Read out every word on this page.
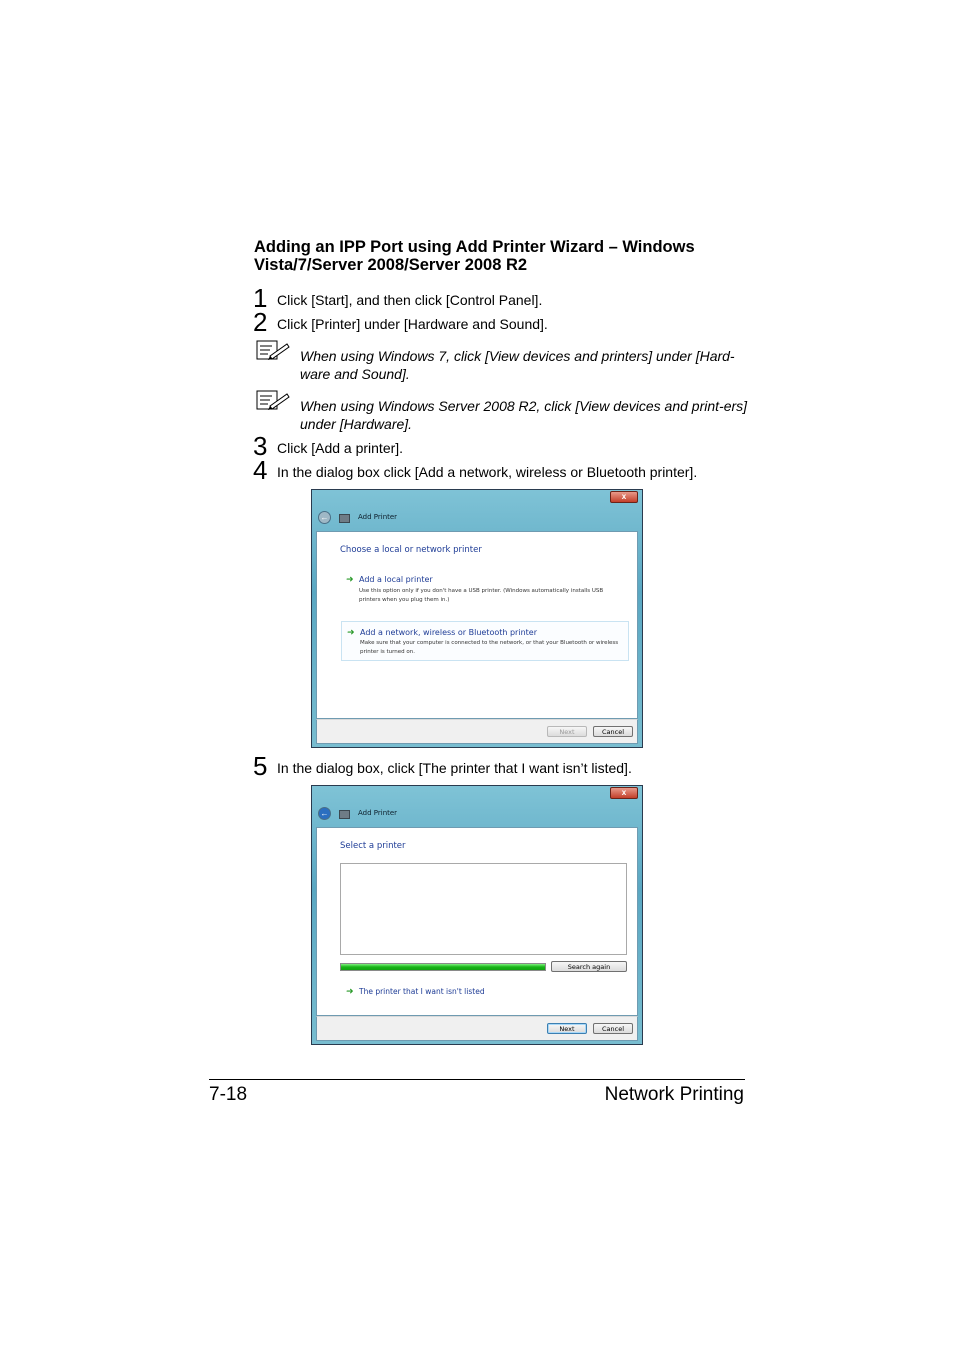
Adding an IPP Port using Add Printer Wizard – Windows Vista/7/Server 2008/Server 2008 R2
1 Click [Start], and then click [Control Panel].
2 Click [Printer] under [Hardware and Sound].
When using Windows 7, click [View devices and printers] under [Hard-ware and Sound].
When using Windows Server 2008 R2, click [View devices and print-ers] under [Hardware].
3 Click [Add a printer].
4 In the dialog box click [Add a network, wireless or Bluetooth printer].
x
←	Add Printer
Choose a local or network printer
➜ Add a local printer
Use this option only if you don't have a USB printer. (Windows automatically installs USB printers when you plug them in.)
➜ Add a network, wireless or Bluetooth printer
Make sure that your computer is connected to the network, or that your Bluetooth or wireless printer is turned on.
Next	Cancel
5 In the dialog box, click [The printer that I want isn’t listed].
x
←	Add Printer
Select a printer
Search again
➜ The printer that I want isn't listed
Next	Cancel
7-18	Network Printing
